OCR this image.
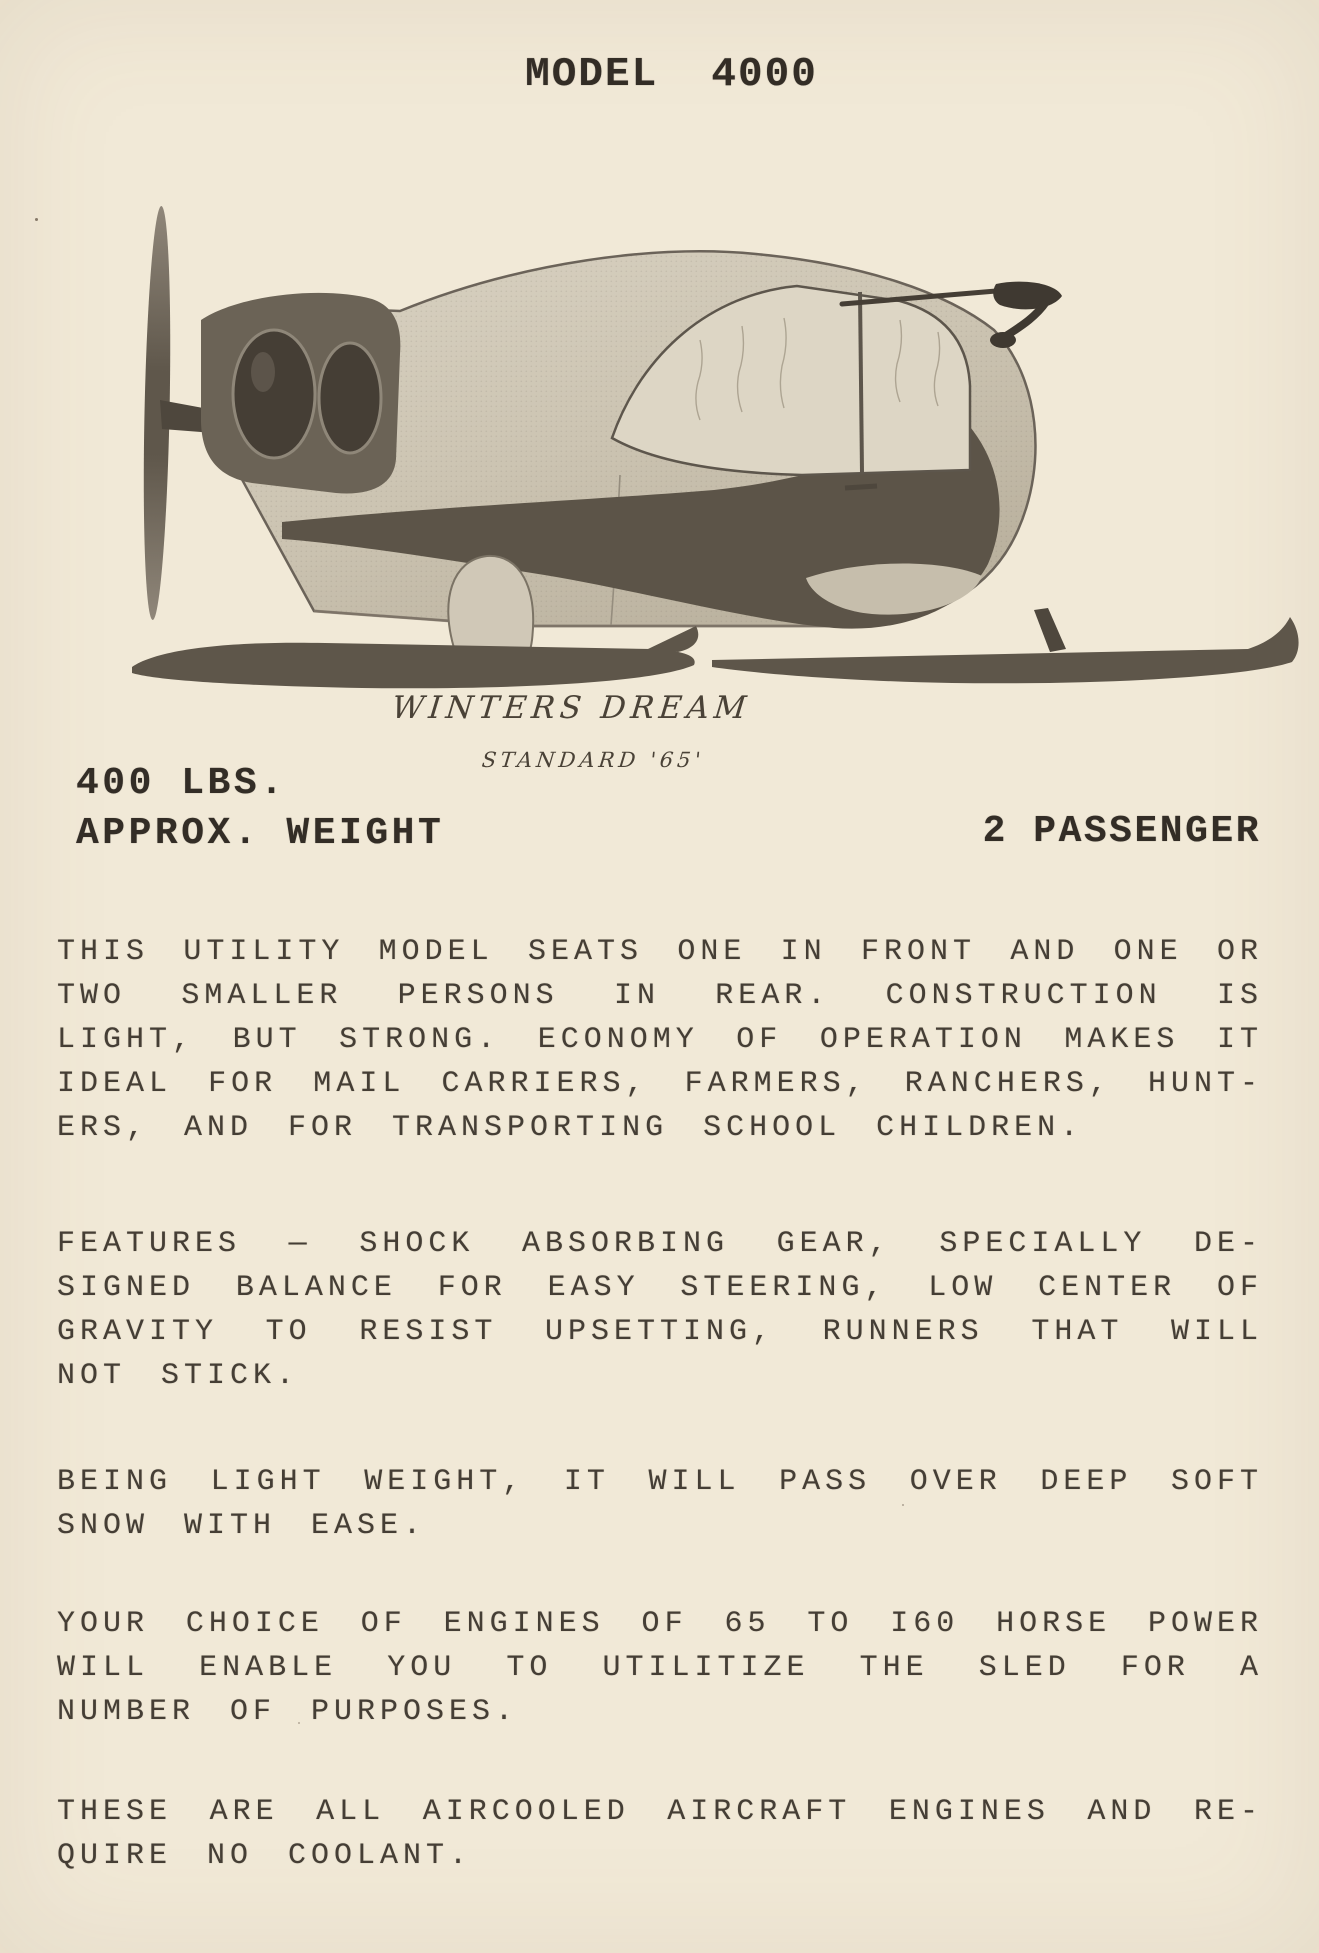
MODEL  4000
WINTERS DREAM
STANDARD '65'
400 LBS.
APPROX. WEIGHT	2 PASSENGER
THIS UTILITY MODEL SEATS ONE IN FRONT AND ONE OR
TWO SMALLER PERSONS IN REAR. CONSTRUCTION IS
LIGHT, BUT STRONG. ECONOMY OF OPERATION MAKES IT
IDEAL FOR MAIL CARRIERS, FARMERS, RANCHERS, HUNT-
ERS, AND FOR TRANSPORTING SCHOOL CHILDREN.
FEATURES — SHOCK ABSORBING GEAR, SPECIALLY DE-
SIGNED BALANCE FOR EASY STEERING, LOW CENTER OF
GRAVITY TO RESIST UPSETTING, RUNNERS THAT WILL
NOT STICK.
BEING LIGHT WEIGHT, IT WILL PASS OVER DEEP SOFT
SNOW WITH EASE.
YOUR CHOICE OF ENGINES OF 65 TO I60 HORSE POWER
WILL ENABLE YOU TO UTILITIZE THE SLED FOR A
NUMBER OF PURPOSES.
THESE ARE ALL AIRCOOLED AIRCRAFT ENGINES AND RE-
QUIRE NO COOLANT.
